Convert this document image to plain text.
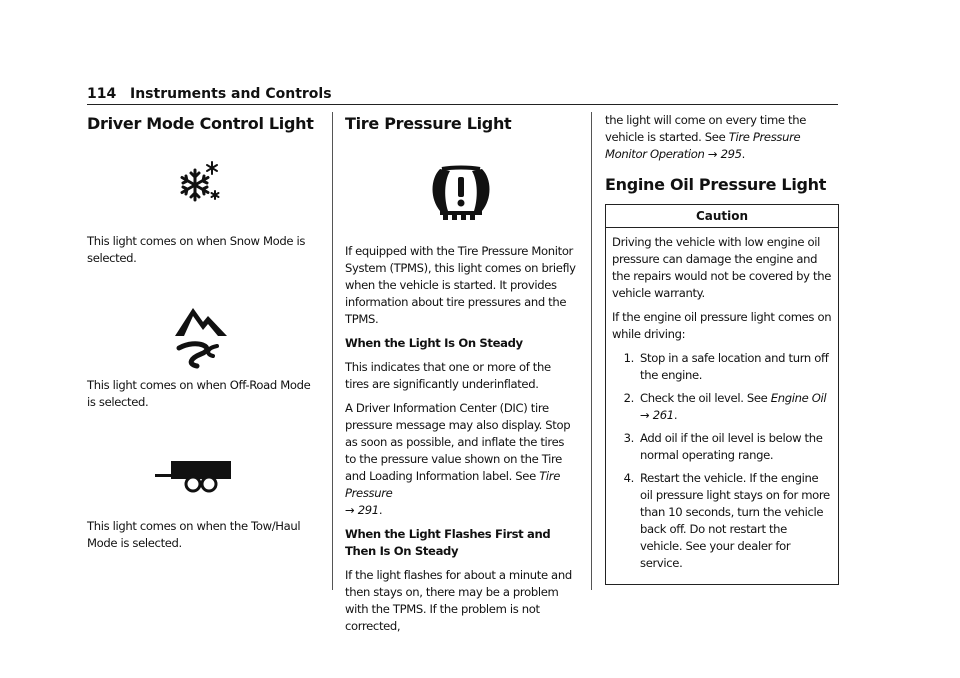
114 Instruments and Controls
Driver Mode Control Light

This light comes on when Snow Mode is selected.

This light comes on when Off-Road Mode is selected.

This light comes on when the Tow/Haul Mode is selected.

Tire Pressure Light

If equipped with the Tire Pressure Monitor System (TPMS), this light comes on briefly when the vehicle is started. It provides information about tire pressures and the TPMS.

When the Light Is On Steady

This indicates that one or more of the tires are significantly underinflated.

A Driver Information Center (DIC) tire pressure message may also display. Stop as soon as possible, and inflate the tires to the pressure value shown on the Tire and Loading Information label. See Tire Pressure
→ 291.

When the Light Flashes First and Then Is On Steady

If the light flashes for about a minute and then stays on, there may be a problem with the TPMS. If the problem is not corrected,

the light will come on every time the vehicle is started. See Tire Pressure Monitor Operation → 295.

Engine Oil Pressure Light
Caution

Driving the vehicle with low engine oil pressure can damage the engine and the repairs would not be covered by the vehicle warranty.

If the engine oil pressure light comes on while driving:

1. Stop in a safe location and turn off the engine.

2. Check the oil level. See Engine Oil
→ 261.

3. Add oil if the oil level is below the normal operating range.

4. Restart the vehicle. If the engine oil pressure light stays on for more than 10 seconds, turn the vehicle back off. Do not restart the vehicle. See your dealer for service.
